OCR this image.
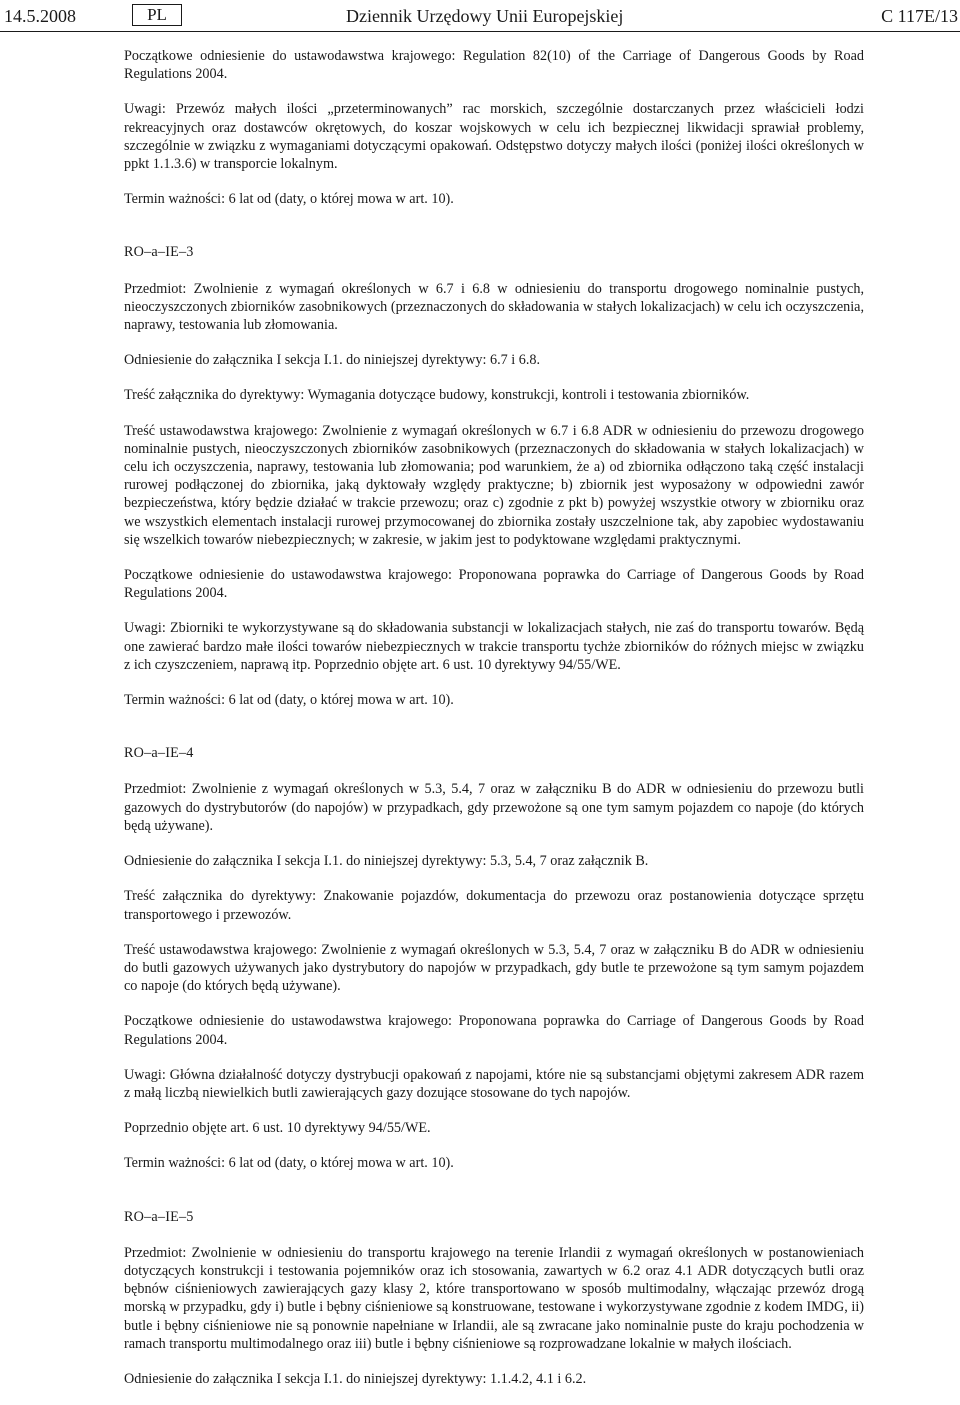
14.5.2008	PL	Dziennik Urzędowy Unii Europejskiej	C 117E/13

Początkowe odniesienie do ustawodawstwa krajowego: Regulation 82(10) of the Carriage of Dangerous Goods by Road Regulations 2004.

Uwagi: Przewóz małych ilości „przeterminowanych” rac morskich, szczególnie dostarczanych przez właścicieli łodzi rekreacyjnych oraz dostawców okrętowych, do koszar wojskowych w celu ich bezpiecznej likwidacji sprawiał problemy, szczególnie w związku z wymaganiami dotyczącymi opakowań. Odstępstwo dotyczy małych ilości (poniżej ilości określonych w ppkt 1.1.3.6) w transporcie lokalnym.

Termin ważności: 6 lat od (daty, o której mowa w art. 10).

RO–a–IE–3

Przedmiot: Zwolnienie z wymagań określonych w 6.7 i 6.8 w odniesieniu do transportu drogowego nominalnie pustych, nieoczyszczonych zbiorników zasobnikowych (przeznaczonych do składowania w stałych lokalizacjach) w celu ich oczyszczenia, naprawy, testowania lub złomowania.

Odniesienie do załącznika I sekcja I.1. do niniejszej dyrektywy: 6.7 i 6.8.

Treść załącznika do dyrektywy: Wymagania dotyczące budowy, konstrukcji, kontroli i testowania zbiorników.

Treść ustawodawstwa krajowego: Zwolnienie z wymagań określonych w 6.7 i 6.8 ADR w odniesieniu do przewozu drogowego nominalnie pustych, nieoczyszczonych zbiorników zasobnikowych (przeznaczonych do składowania w stałych lokalizacjach) w celu ich oczyszczenia, naprawy, testowania lub złomowania; pod warunkiem, że a) od zbiornika odłączono taką część instalacji rurowej podłączonej do zbiornika, jaką dyktowały względy praktyczne; b) zbiornik jest wyposażony w odpowiedni zawór bezpieczeństwa, który będzie działać w trakcie przewozu; oraz c) zgodnie z pkt b) powyżej wszystkie otwory w zbiorniku oraz we wszystkich elementach instalacji rurowej przymocowanej do zbiornika zostały uszczelnione tak, aby zapobiec wydostawaniu się wszelkich towarów niebezpiecznych; w zakresie, w jakim jest to podyktowane względami praktycznymi.

Początkowe odniesienie do ustawodawstwa krajowego: Proponowana poprawka do Carriage of Dangerous Goods by Road Regulations 2004.

Uwagi: Zbiorniki te wykorzystywane są do składowania substancji w lokalizacjach stałych, nie zaś do transportu towarów. Będą one zawierać bardzo małe ilości towarów niebezpiecznych w trakcie transportu tychże zbiorników do różnych miejsc w związku z ich czyszczeniem, naprawą itp. Poprzednio objęte art. 6 ust. 10 dyrektywy 94/55/WE.

Termin ważności: 6 lat od (daty, o której mowa w art. 10).

RO–a–IE–4

Przedmiot: Zwolnienie z wymagań określonych w 5.3, 5.4, 7 oraz w załączniku B do ADR w odniesieniu do przewozu butli gazowych do dystrybutorów (do napojów) w przypadkach, gdy przewożone są one tym samym pojazdem co napoje (do których będą używane).

Odniesienie do załącznika I sekcja I.1. do niniejszej dyrektywy: 5.3, 5.4, 7 oraz załącznik B.

Treść załącznika do dyrektywy: Znakowanie pojazdów, dokumentacja do przewozu oraz postanowienia dotyczące sprzętu transportowego i przewozów.

Treść ustawodawstwa krajowego: Zwolnienie z wymagań określonych w 5.3, 5.4, 7 oraz w załączniku B do ADR w odniesieniu do butli gazowych używanych jako dystrybutory do napojów w przypadkach, gdy butle te przewożone są tym samym pojazdem co napoje (do których będą używane).

Początkowe odniesienie do ustawodawstwa krajowego: Proponowana poprawka do Carriage of Dangerous Goods by Road Regulations 2004.

Uwagi: Główna działalność dotyczy dystrybucji opakowań z napojami, które nie są substancjami objętymi zakresem ADR razem z małą liczbą niewielkich butli zawierających gazy dozujące stosowane do tych napojów.

Poprzednio objęte art. 6 ust. 10 dyrektywy 94/55/WE.

Termin ważności: 6 lat od (daty, o której mowa w art. 10).

RO–a–IE–5

Przedmiot: Zwolnienie w odniesieniu do transportu krajowego na terenie Irlandii z wymagań określonych w postanowieniach dotyczących konstrukcji i testowania pojemników oraz ich stosowania, zawartych w 6.2 oraz 4.1 ADR dotyczących butli oraz bębnów ciśnieniowych zawierających gazy klasy 2, które transportowano w sposób multimodalny, włączając przewóz drogą morską w przypadku, gdy i) butle i bębny ciśnieniowe są konstruowane, testowane i wykorzystywane zgodnie z kodem IMDG, ii) butle i bębny ciśnieniowe nie są ponownie napełniane w Irlandii, ale są zwracane jako nominalnie puste do kraju pochodzenia w ramach transportu multimodalnego oraz iii) butle i bębny ciśnieniowe są rozprowadzane lokalnie w małych ilościach.

Odniesienie do załącznika I sekcja I.1. do niniejszej dyrektywy: 1.1.4.2, 4.1 i 6.2.
